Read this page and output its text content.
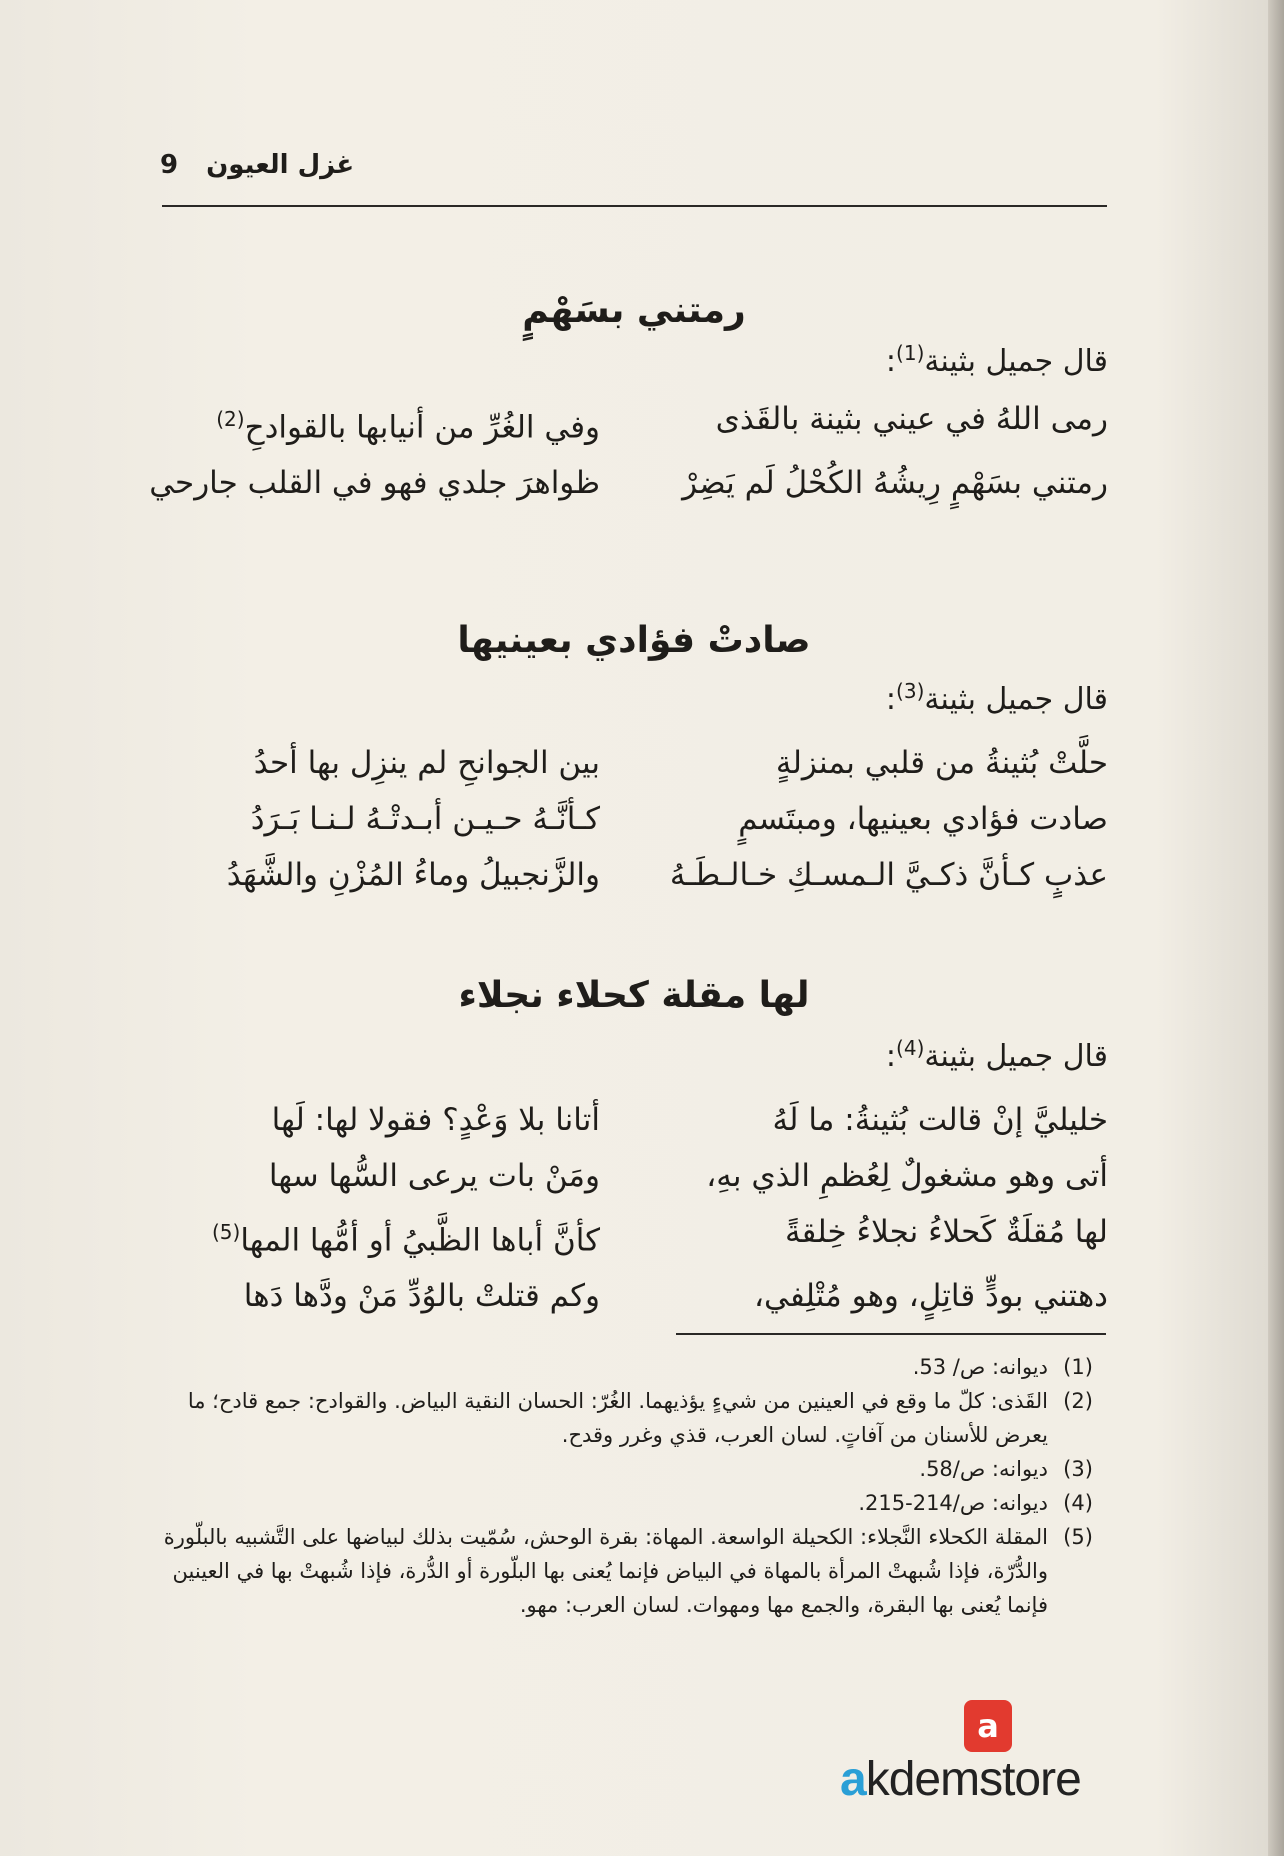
غزل العيون
9
رمتني بسَهْمٍ

قال جميل بثينة$^{(1)}$:

رمى اللهُ في عيني بثينة بالقَذى
وفي الغُرِّ من أنيابها بالقوادحِ$^{(2)}$
رمتني بسَهْمٍ رِيشُهُ الكُحْلُ لَم يَضِرْ
ظواهرَ جلدي فهو في القلب جارحي
صادتْ فؤادي بعينيها

قال جميل بثينة$^{(3)}$:

حلَّتْ بُثينةُ من قلبي بمنزلةٍ
بين الجوانحِ لم ينزِل بها أحدُ
صادت فؤادي بعينيها، ومبتَسمٍ
كـأنَّـهُ حـيـن أبـدتْـهُ لـنـا بَـرَدُ
عذبٍ كـأنَّ ذكـيَّ الـمسـكِ خـالـطَـهُ
والزَّنجبيلُ وماءُ المُزْنِ والشَّهَدُ
لها مقلة كحلاء نجلاء

قال جميل بثينة$^{(4)}$:

خليليَّ إنْ قالت بُثينةُ: ما لَهُ
أتانا بلا وَعْدٍ؟ فقولا لها: لَها
أتى وهو مشغولٌ لِعُظمِ الذي بهِ،
ومَنْ بات يرعى السُّها سها
لها مُقلَةٌ كَحلاءُ نجلاءُ خِلقةً
كأنَّ أباها الظَّبيُ أو أمُّها المها$^{(5)}$
دهتني بودٍّ قاتِلٍ، وهو مُتْلِفي،
وكم قتلتْ بالوُدِّ مَنْ ودَّها دَها
(1)
ديوانه: ص/ 53.
(2)
القَذى: كلّ ما وقع في العينين من شيءٍ يؤذيهما. الغُرّ: الحسان النقية البياض. والقوادح: جمع قادح؛ ما يعرض للأسنان من آفاتٍ. لسان العرب، قذي وغرر وقدح.
(3)
ديوانه: ص/58.
(4)
ديوانه: ص/214-215.
(5)
المقلة الكحلاء النَّجلاء: الكحيلة الواسعة. المهاة: بقرة الوحش، سُمّيت بذلك لبياضها على التَّشبيه بالبلّورة والدُّرّة، فإذا شُبهتْ المرأة بالمهاة في البياض فإنما يُعنى بها البلّورة أو الدُّرة، فإذا شُبهتْ بها في العينين فإنما يُعنى بها البقرة، والجمع مها ومهوات. لسان العرب: مهو.
a
akdemstore
